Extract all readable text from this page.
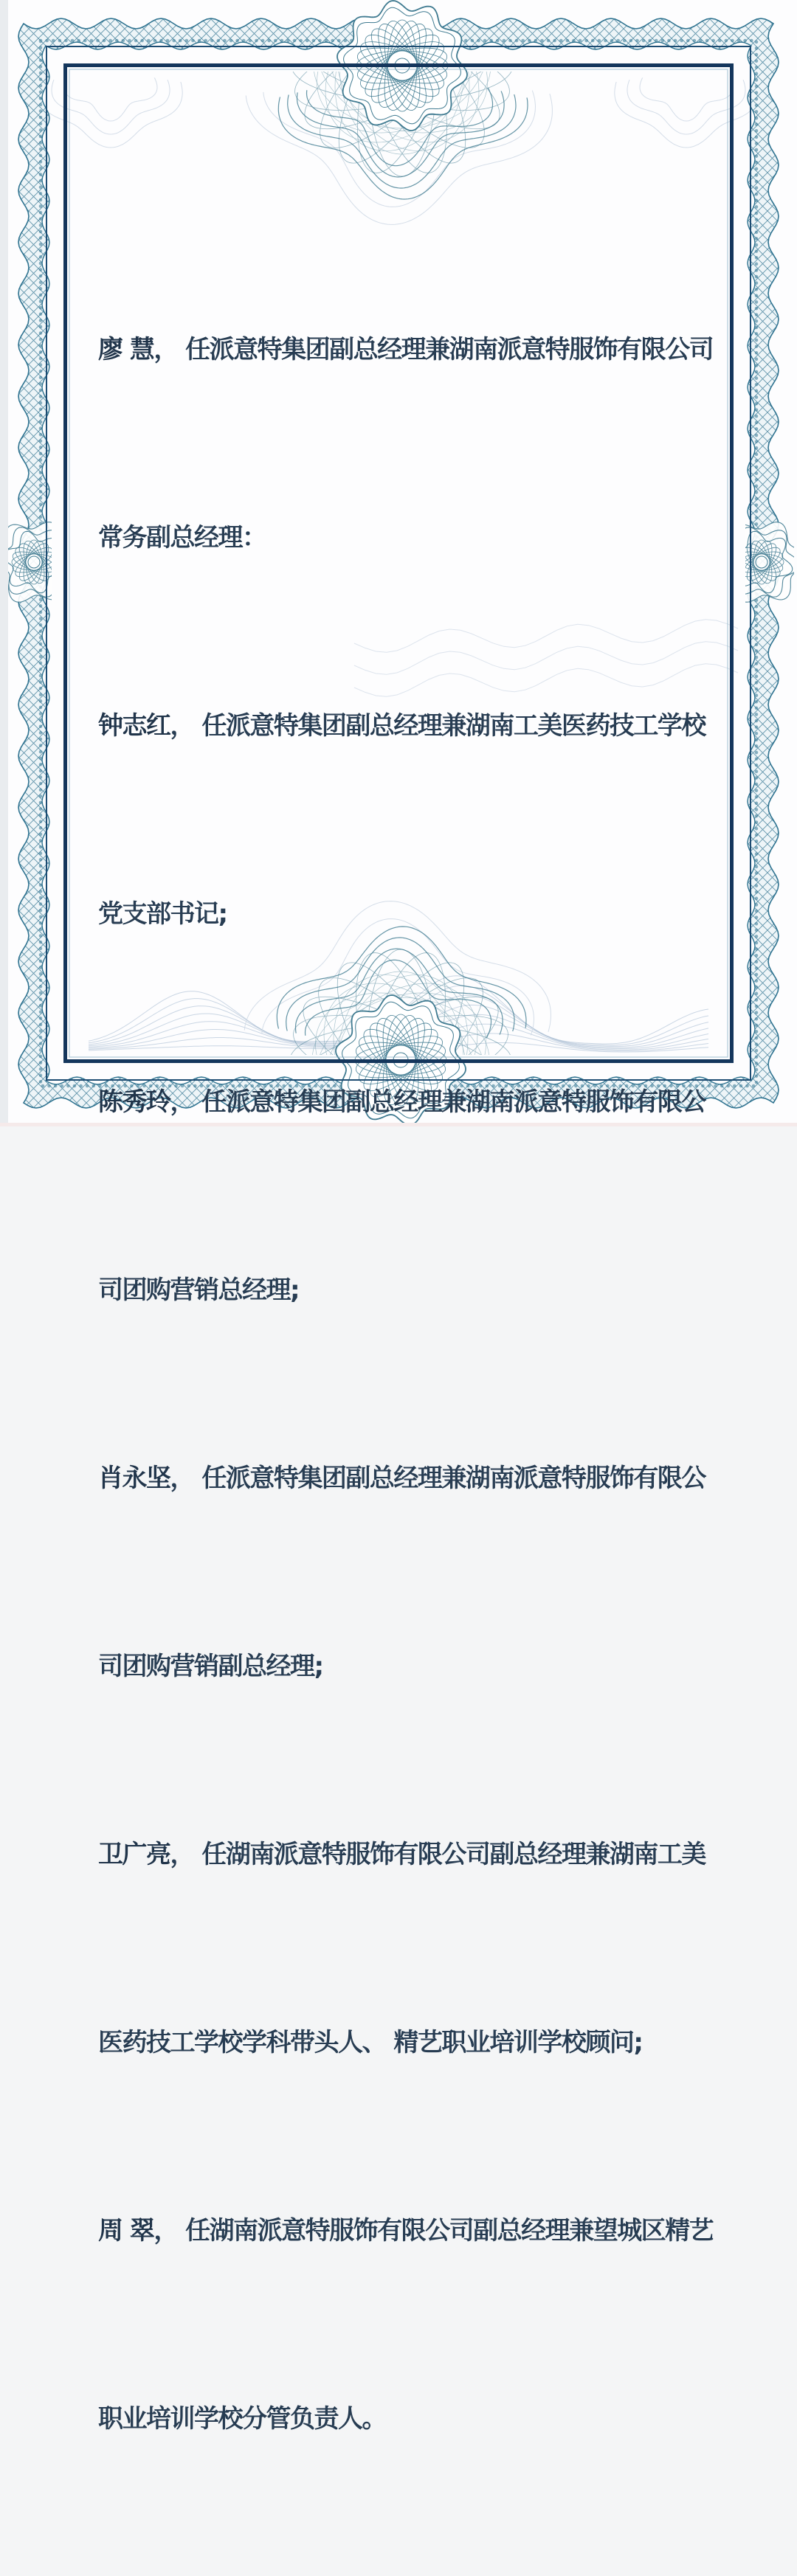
廖 慧， 任派意特集团副总经理兼湖南派意特服饰有限公司

常务副总经理：

钟志红， 任派意特集团副总经理兼湖南工美医药技工学校

党支部书记;

陈秀玲， 任派意特集团副总经理兼湖南派意特服饰有限公

司团购营销总经理;

肖永坚， 任派意特集团副总经理兼湖南派意特服饰有限公

司团购营销副总经理;

卫广亮， 任湖南派意特服饰有限公司副总经理兼湖南工美

医药技工学校学科带头人、 精艺职业培训学校顾问;

周 翠， 任湖南派意特服饰有限公司副总经理兼望城区精艺

职业培训学校分管负责人。
